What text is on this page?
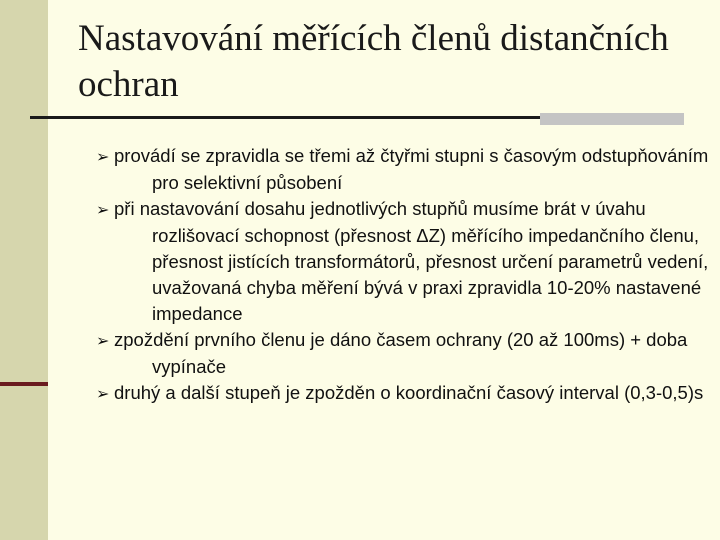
Nastavování měřících členů distančních ochran
➢ provádí se zpravidla se třemi až čtyřmi stupni s časovým odstupňováním pro selektivní působení
➢ při nastavování dosahu jednotlivých stupňů musíme brát v úvahu rozlišovací schopnost (přesnost ΔZ) měřícího impedančního členu, přesnost jistících transformátorů, přesnost určení parametrů vedení, uvažovaná chyba měření bývá v praxi zpravidla 10-20% nastavené impedance
➢ zpoždění prvního členu je dáno časem ochrany (20 až 100ms) + doba vypínače
➢ druhý a další stupeň je zpožděn o koordinační časový interval (0,3-0,5)s
